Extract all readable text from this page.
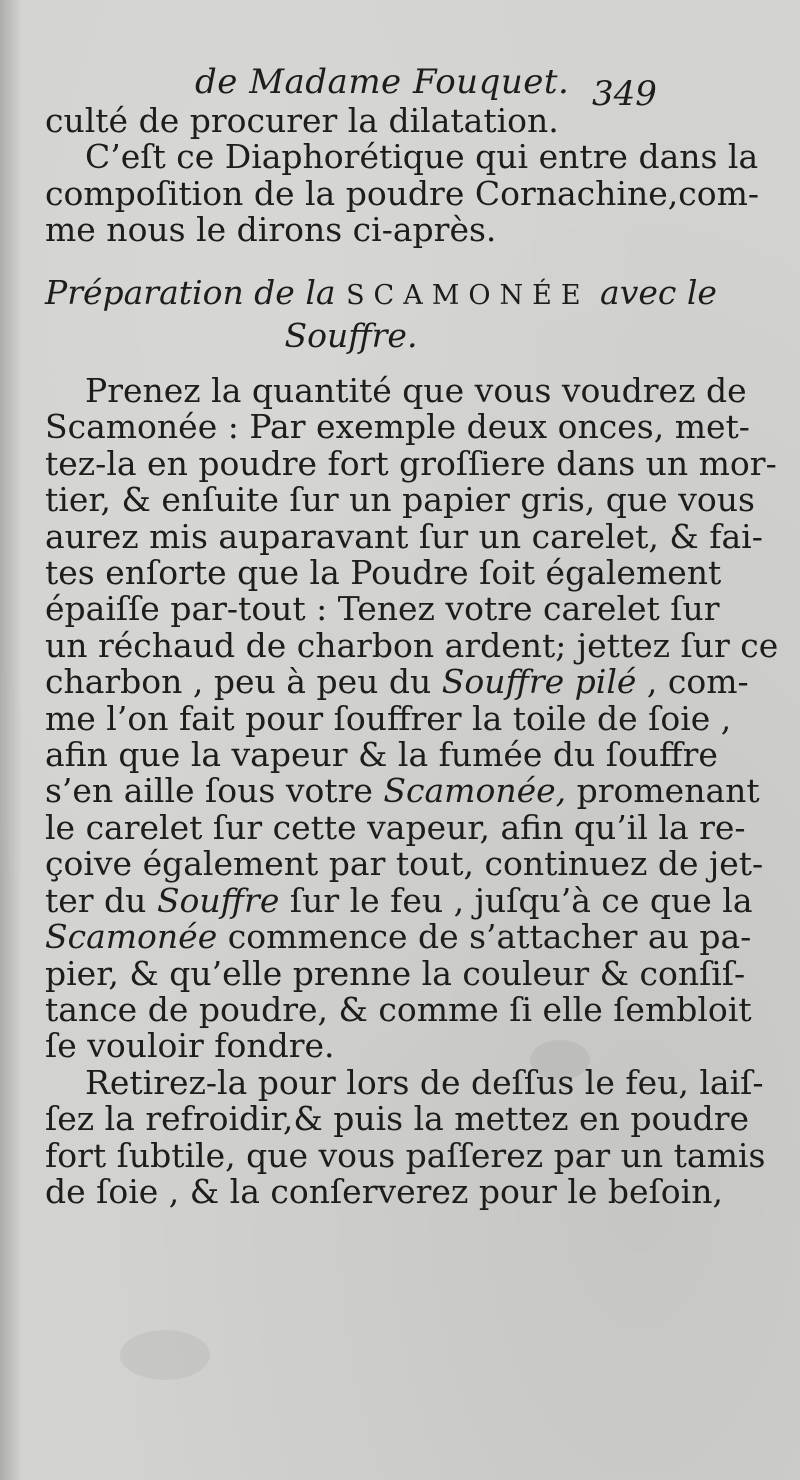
de Madame Fouquet. 349

culté de procurer la dilatation.

C’eſt ce Diaphorétique qui entre dans la
compoſition de la poudre Cornachine,com-
me nous le dirons ci-après.

Préparation de la SCAMONÉE avec le
Souffre.

Prenez la quantité que vous voudrez de
Scamonée : Par exemple deux onces, met-
tez-la en poudre fort groſſiere dans un mor-
tier, & enſuite ſur un papier gris, que vous
aurez mis auparavant ſur un carelet, & fai-
tes enſorte que la Poudre ſoit également
épaiſſe par-tout : Tenez votre carelet ſur
un réchaud de charbon ardent; jettez ſur ce
charbon , peu à peu du Souffre pilé , com-
me l’on fait pour ſouffrer la toile de ſoie ,
afin que la vapeur & la fumée du ſouffre
s’en aille ſous votre Scamonée, promenant
le carelet ſur cette vapeur, afin qu’il la re-
çoive également par tout, continuez de jet-
ter du Souffre ſur le feu , juſqu’à ce que la
Scamonée commence de s’attacher au pa-
pier, & qu’elle prenne la couleur & conſiſ-
tance de poudre, & comme ſi elle ſembloit
ſe vouloir fondre.

Retirez-la pour lors de deſſus le feu, laiſ-
ſez la refroidir,& puis la mettez en poudre
fort ſubtile, que vous paſſerez par un tamis
de ſoie , & la conſerverez pour le beſoin,
